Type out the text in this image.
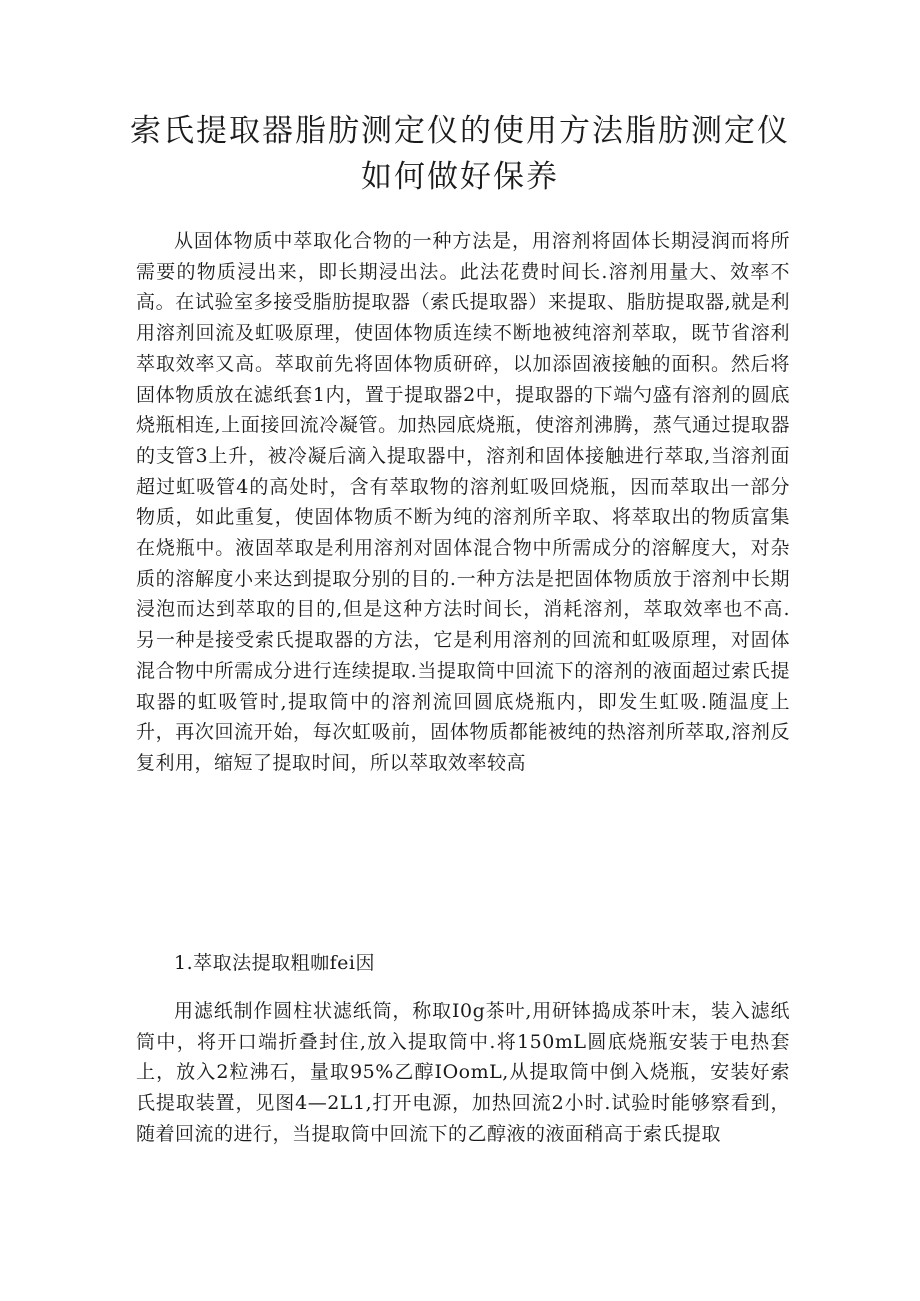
索氏提取器脂肪测定仪的使用方法脂肪测定仪如何做好保养

从固体物质中萃取化合物的一种方法是，用溶剂将固体长期浸润而将所需要的物质浸出来，即长期浸出法。此法花费时间长.溶剂用量大、效率不高。在试验室多接受脂肪提取器（索氏提取器）来提取、脂肪提取器,就是利用溶剂回流及虹吸原理，使固体物质连续不断地被纯溶剂萃取，既节省溶利萃取效率又高。萃取前先将固体物质研碎，以加添固液接触的面积。然后将固体物质放在滤纸套1内，置于提取器2中，提取器的下端勺盛有溶剂的圆底烧瓶相连,上面接回流冷凝管。加热园底烧瓶，使溶剂沸腾，蒸气通过提取器的支管3上升，被冷凝后滴入提取器中，溶剂和固体接触进行萃取,当溶剂面超过虹吸管4的高处时，含有萃取物的溶剂虹吸回烧瓶，因而萃取出一部分物质，如此重复，使固体物质不断为纯的溶剂所辛取、将萃取出的物质富集在烧瓶中。液固萃取是利用溶剂对固体混合物中所需成分的溶解度大，对杂质的溶解度小来达到提取分别的目的.一种方法是把固体物质放于溶剂中长期浸泡而达到萃取的目的,但是这种方法时间长，消耗溶剂，萃取效率也不高.另一种是接受索氏提取器的方法，它是利用溶剂的回流和虹吸原理，对固体混合物中所需成分进行连续提取.当提取筒中回流下的溶剂的液面超过索氏提取器的虹吸管时,提取筒中的溶剂流回圆底烧瓶内，即发生虹吸.随温度上升，再次回流开始，每次虹吸前，固体物质都能被纯的热溶剂所萃取,溶剂反复利用，缩短了提取时间，所以萃取效率较高

1.萃取法提取粗咖fei因

用滤纸制作圆柱状滤纸筒，称取I0g茶叶,用研钵捣成茶叶末，装入滤纸筒中，将开口端折叠封住,放入提取筒中.将150mL圆底烧瓶安装于电热套上，放入2粒沸石，量取95%乙醇IOomL,从提取筒中倒入烧瓶，安装好索氏提取装置，见图4—2L1,打开电源，加热回流2小时.试验时能够察看到，随着回流的进行，当提取筒中回流下的乙醇液的液面稍高于索氏提取
